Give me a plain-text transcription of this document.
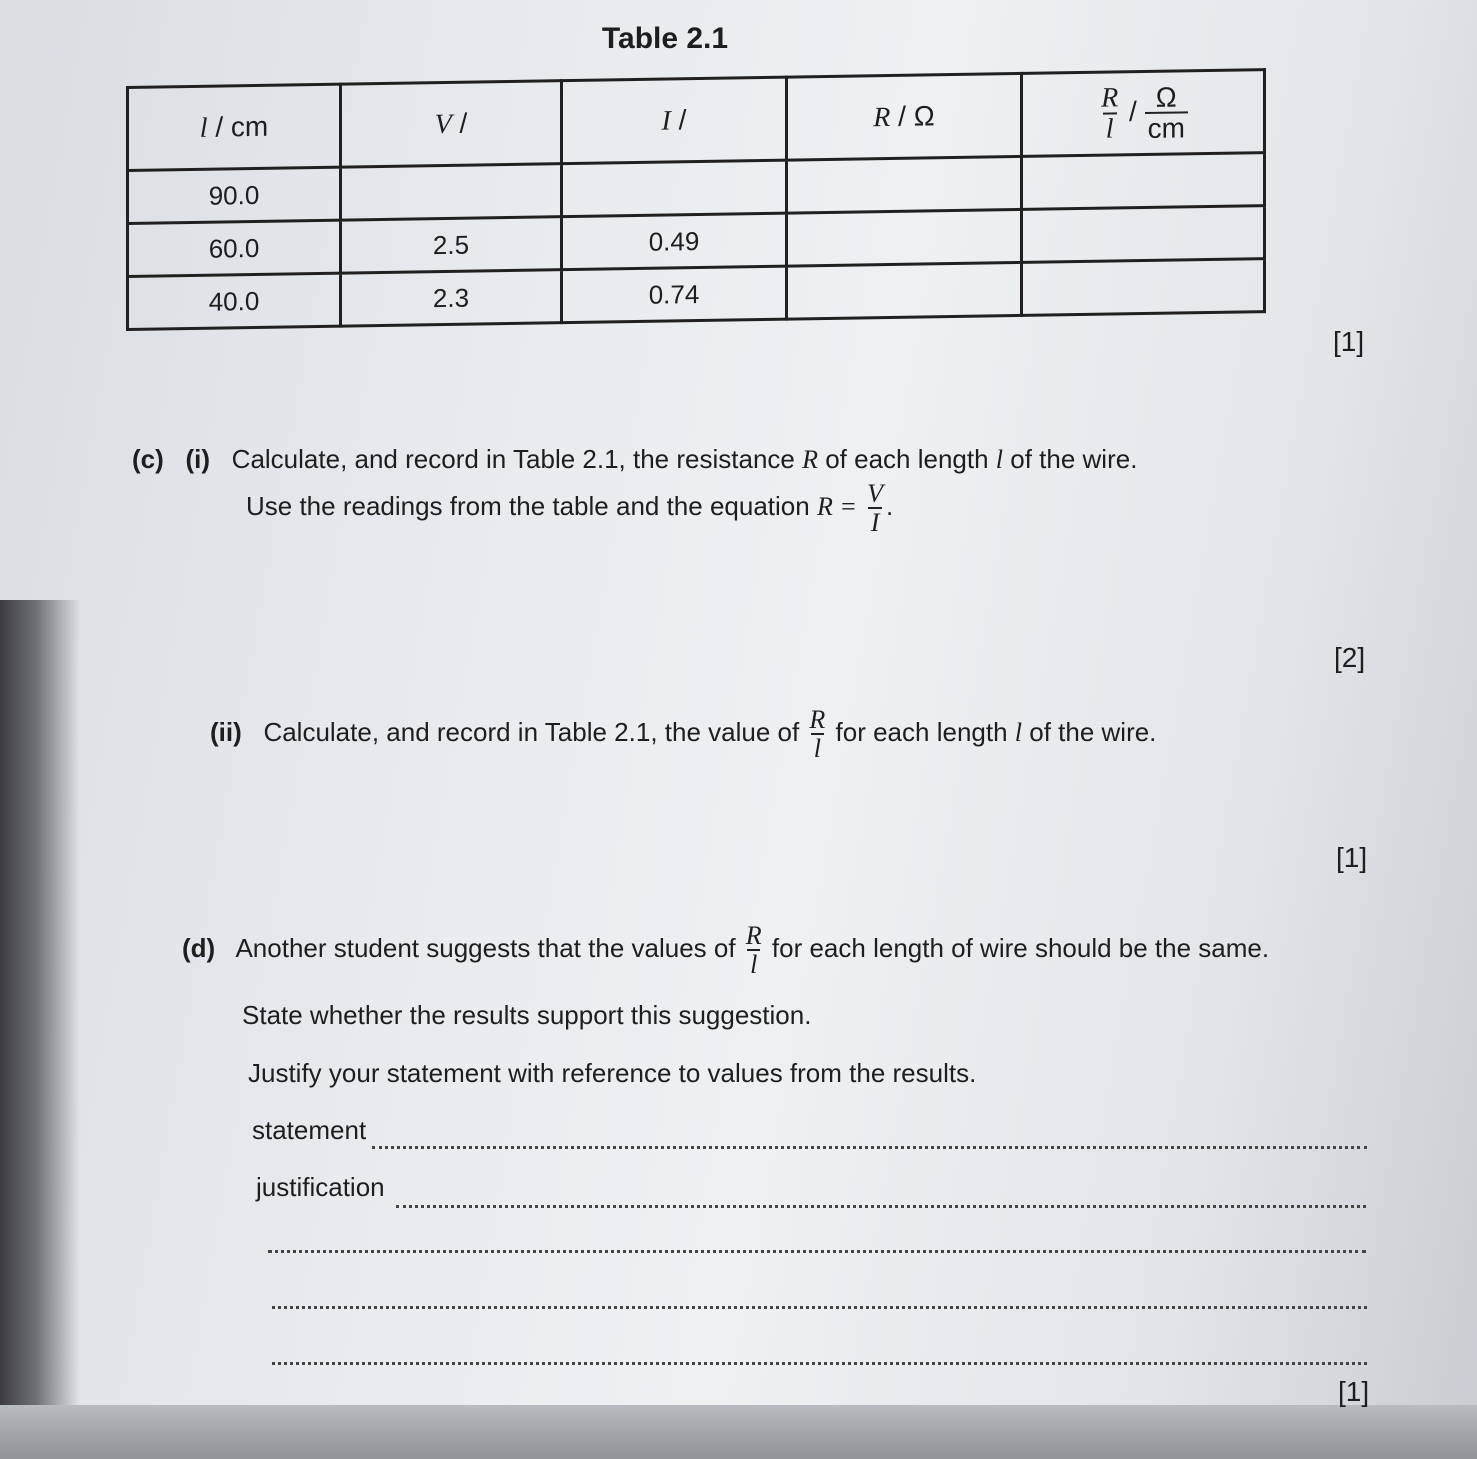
Table 2.1
l / cm	V /	I /	R / Ω	$\frac{R}{l} / \frac{\Omega}{cm}$

90.0				
60.0	2.5	0.49		
40.0	2.3	0.74		
[1]
(c) (i) Calculate, and record in Table 2.1, the resistance R of each length l of the wire.
Use the readings from the table and the equation $R = \frac{V}{I}$ .
[2]
(ii) Calculate, and record in Table 2.1, the value of $\frac{R}{l}$ for each length l of the wire.
[1]
(d) Another student suggests that the values of $\frac{R}{l}$ for each length of wire should be the same.
State whether the results support this suggestion.
Justify your statement with reference to values from the results.
statement
justification
[1]
